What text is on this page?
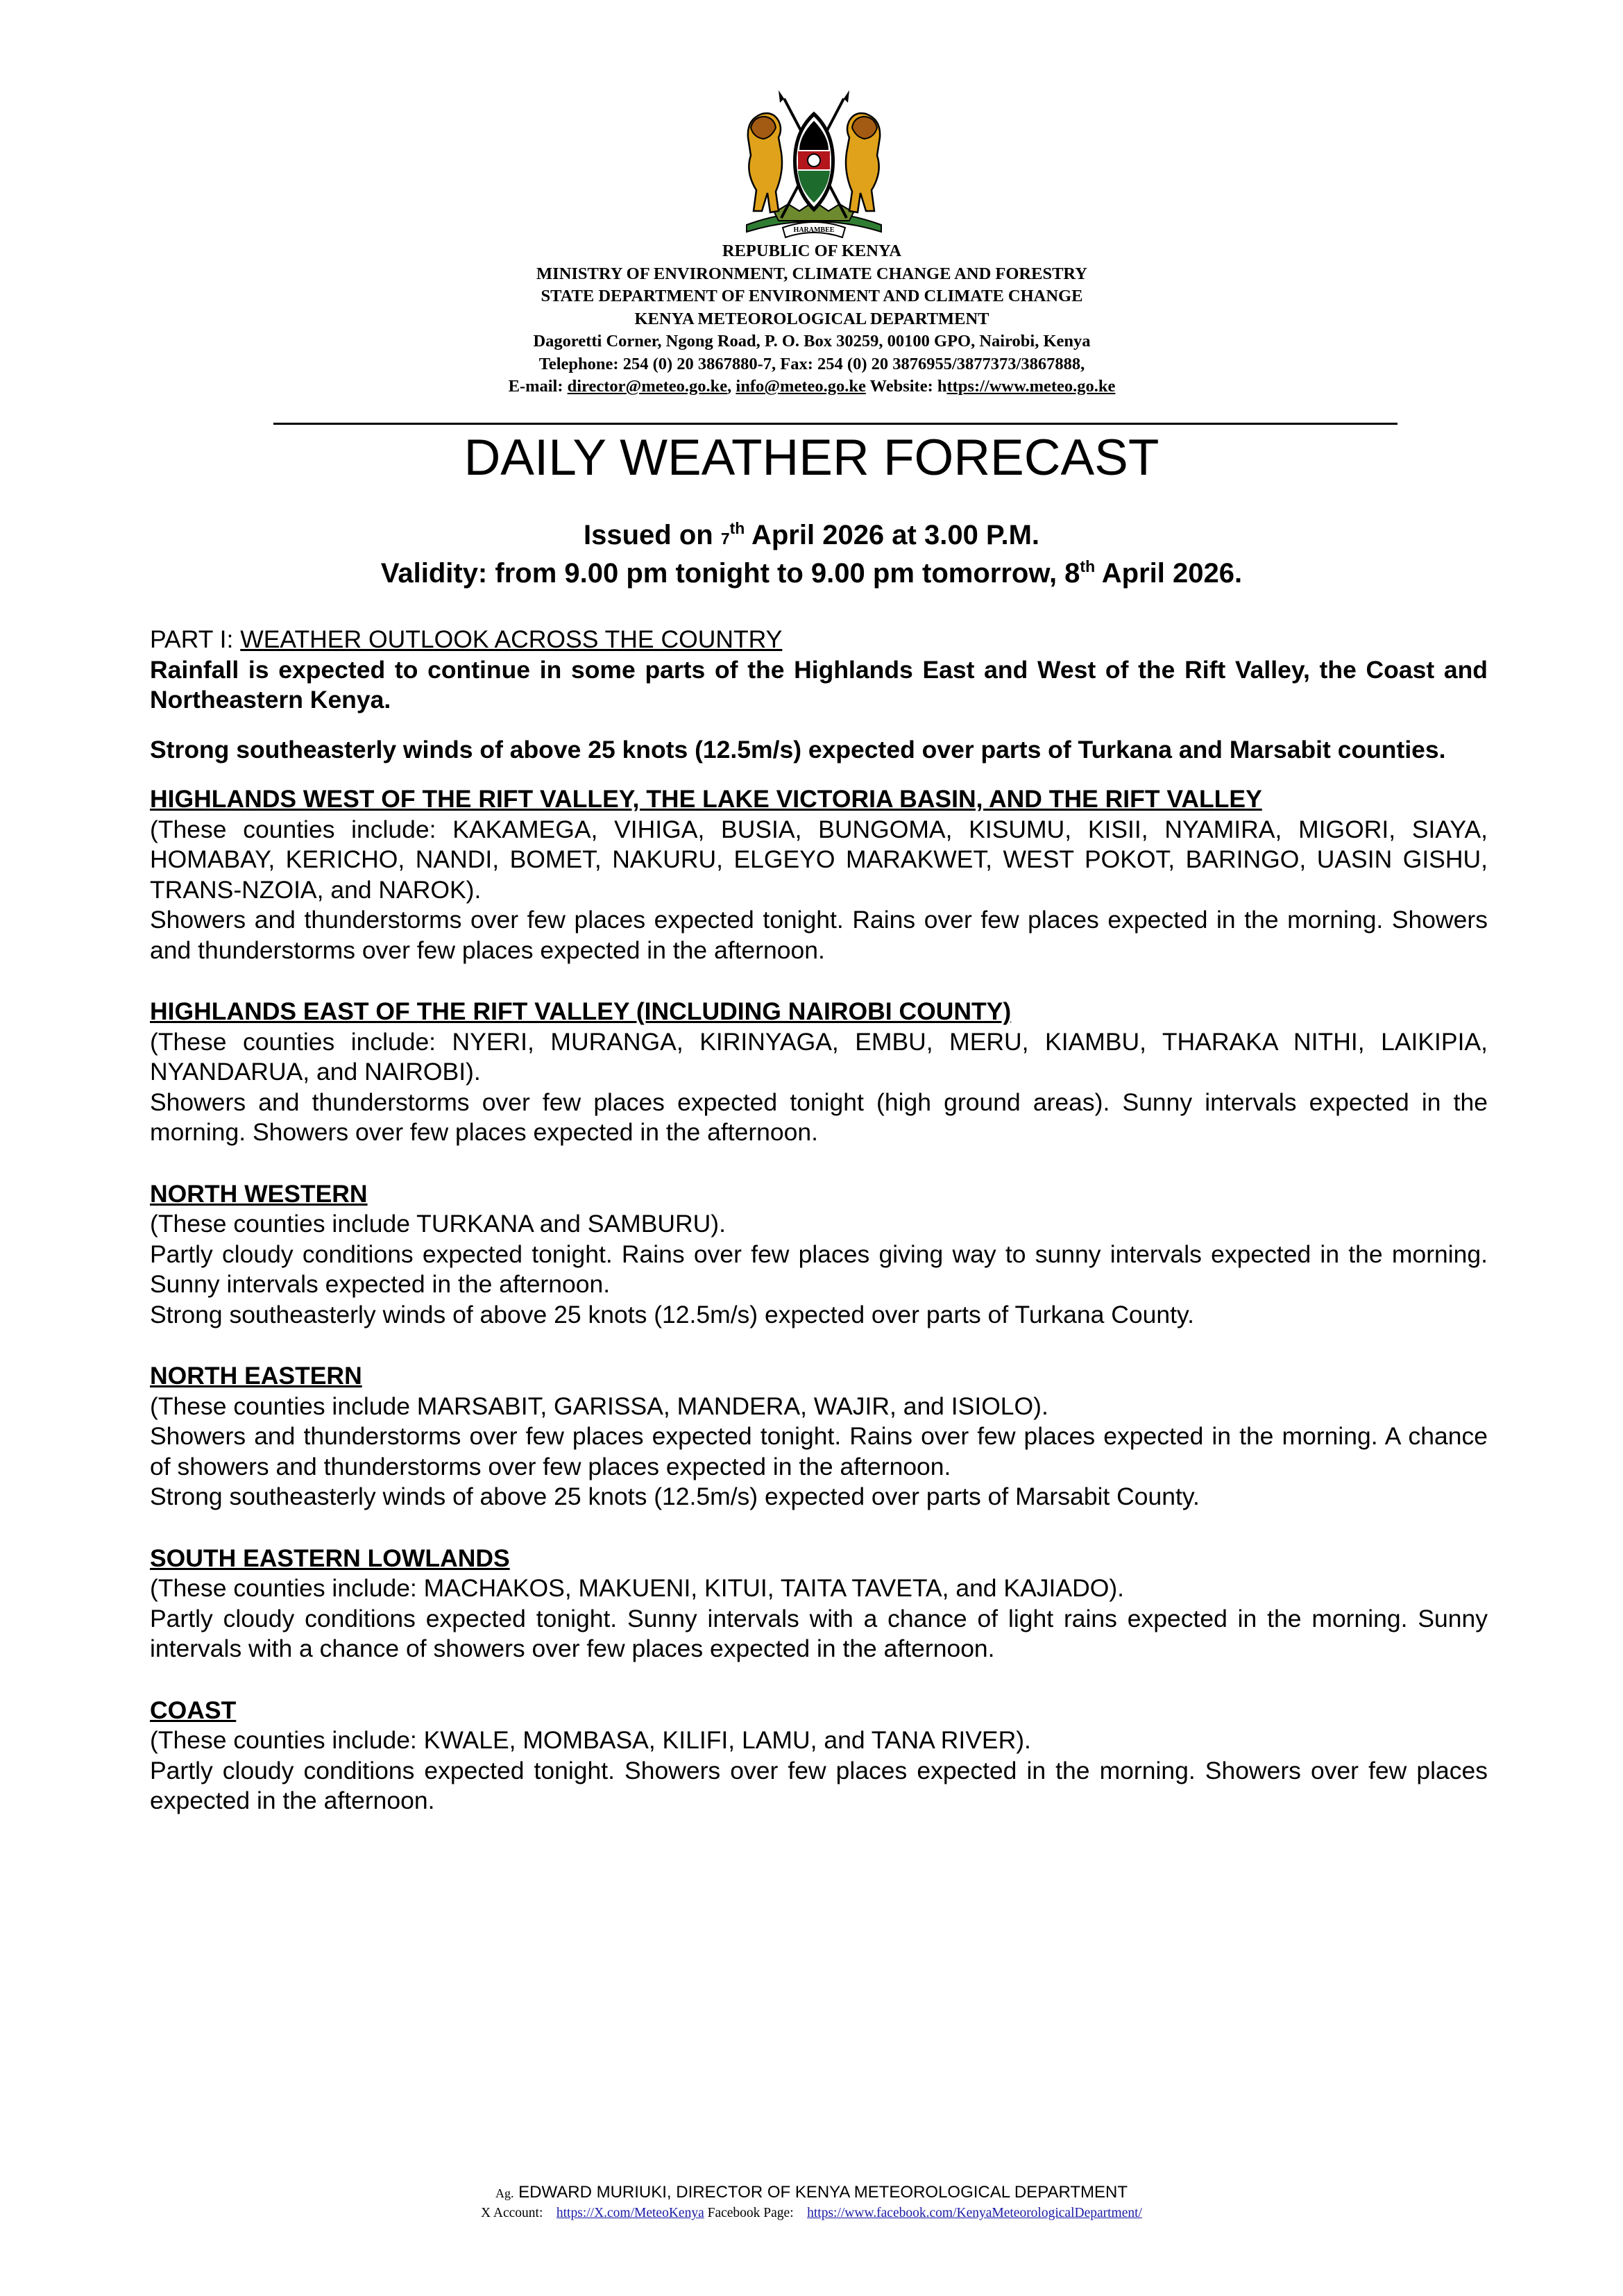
HARAMBEE
REPUBLIC OF KENYA
MINISTRY OF ENVIRONMENT, CLIMATE CHANGE AND FORESTRY
STATE DEPARTMENT OF ENVIRONMENT AND CLIMATE CHANGE
KENYA METEOROLOGICAL DEPARTMENT
Dagoretti Corner, Ngong Road, P. O. Box 30259, 00100 GPO, Nairobi, Kenya
Telephone: 254 (0) 20 3867880-7, Fax: 254 (0) 20 3876955/3877373/3867888,
E-mail: director@meteo.go.ke, info@meteo.go.ke Website: https://www.meteo.go.ke
DAILY WEATHER FORECAST
Issued on 7th April 2026 at 3.00 P.M.
Validity: from 9.00 pm tonight to 9.00 pm tomorrow, 8th April 2026.

PART I: WEATHER OUTLOOK ACROSS THE COUNTRY

Rainfall is expected to continue in some parts of the Highlands East and West of the Rift Valley, the Coast and Northeastern Kenya.

Strong southeasterly winds of above 25 knots (12.5m/s) expected over parts of Turkana and Marsabit counties.

HIGHLANDS WEST OF THE RIFT VALLEY, THE LAKE VICTORIA BASIN, AND THE RIFT VALLEY

(These counties include: KAKAMEGA, VIHIGA, BUSIA, BUNGOMA, KISUMU, KISII, NYAMIRA, MIGORI, SIAYA, HOMABAY, KERICHO, NANDI, BOMET, NAKURU, ELGEYO MARAKWET, WEST POKOT, BARINGO, UASIN GISHU, TRANS-NZOIA, and NAROK).

Showers and thunderstorms over few places expected tonight. Rains over few places expected in the morning. Showers and thunderstorms over few places expected in the afternoon.

HIGHLANDS EAST OF THE RIFT VALLEY (INCLUDING NAIROBI COUNTY)

(These counties include: NYERI, MURANGA, KIRINYAGA, EMBU, MERU, KIAMBU, THARAKA NITHI, LAIKIPIA, NYANDARUA, and NAIROBI).

Showers and thunderstorms over few places expected tonight (high ground areas). Sunny intervals expected in the morning. Showers over few places expected in the afternoon.

NORTH WESTERN

(These counties include TURKANA and SAMBURU).

Partly cloudy conditions expected tonight. Rains over few places giving way to sunny intervals expected in the morning. Sunny intervals expected in the afternoon.

Strong southeasterly winds of above 25 knots (12.5m/s) expected over parts of Turkana County.

NORTH EASTERN

(These counties include MARSABIT, GARISSA, MANDERA, WAJIR, and ISIOLO).

Showers and thunderstorms over few places expected tonight. Rains over few places expected in the morning. A chance of showers and thunderstorms over few places expected in the afternoon.

Strong southeasterly winds of above 25 knots (12.5m/s) expected over parts of Marsabit County.

SOUTH EASTERN LOWLANDS

(These counties include: MACHAKOS, MAKUENI, KITUI, TAITA TAVETA, and KAJIADO).

Partly cloudy conditions expected tonight. Sunny intervals with a chance of light rains expected in the morning. Sunny intervals with a chance of showers over few places expected in the afternoon.

COAST

(These counties include: KWALE, MOMBASA, KILIFI, LAMU, and TANA RIVER).

Partly cloudy conditions expected tonight. Showers over few places expected in the morning. Showers over few places expected in the afternoon.

Ag. EDWARD MURIUKI, DIRECTOR OF KENYA METEOROLOGICAL DEPARTMENT
X Account: https://X.com/MeteoKenya Facebook Page: https://www.facebook.com/KenyaMeteorologicalDepartment/
